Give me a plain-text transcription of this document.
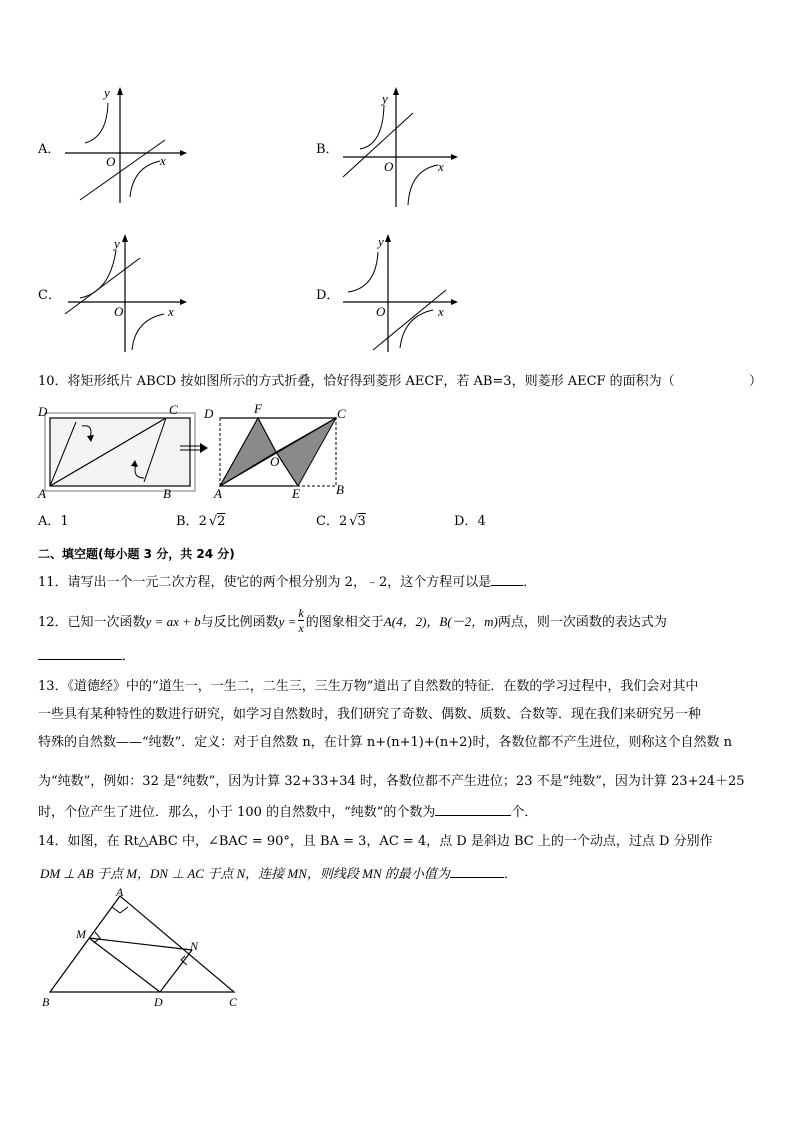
A．
y
x
O
B．
y
x
O
C．
y
x
O
D．
y
x
O
10．将矩形纸片 ABCD 按如图所示的方式折叠，恰好得到菱形 AECF，若 AB=3，则菱形 AECF 的面积为（	）
D	C
A	B
D	F	C
O
A	E	B
A．1	B．2 √2	C．2 √3	D．4
二、填空题(每小题 3 分，共 24 分)
11．请写出一个一元二次方程，使它的两个根分别为 2，﹣2，这个方程可以是 ．
12．已知一次函数y = ax + b与反比例函数$y = \frac{k}{x}$ 的图象相交于A(4，2)，B(－2，m)两点，则一次函数的表达式为
．
13．《道德经》中的“道生一，一生二，二生三，三生万物”道出了自然数的特征．在数的学习过程中，我们会对其中
一些具有某种特性的数进行研究，如学习自然数时，我们研究了奇数、偶数、质数、合数等．现在我们来研究另一种
特殊的自然数——“纯数”．定义：对于自然数 n，在计算 n+(n+1)+(n+2)时，各数位都不产生进位，则称这个自然数 n
为“纯数”，例如：32 是“纯数”，因为计算 32+33+34 时，各数位都不产生进位；23 不是“纯数”，因为计算 23+24＋25
时，个位产生了进位．那么，小于 100 的自然数中，“纯数”的个数为	个．
14．如图，在 Rt△ABC 中，∠BAC = 90°，且 BA = 3，AC = 4，点 D 是斜边 BC 上的一个动点，过点 D 分别作
DM ⊥ AB 于点 M，DN ⊥ AC 于点 N，连接 MN，则线段 MN 的最小值为	．
A
M
N
B	D	C
